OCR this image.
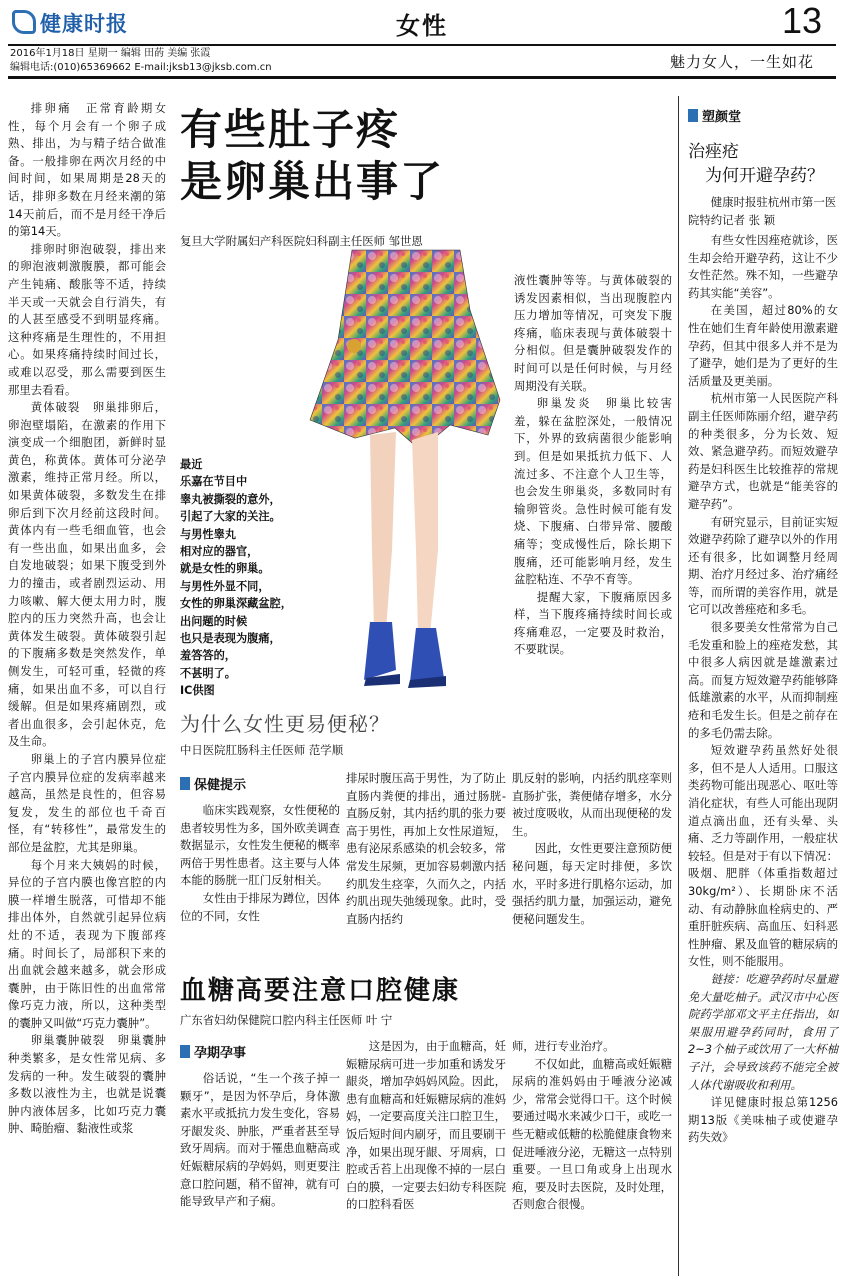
健康时报	女性	13
2016年1月18日 星期一 编辑 田菂 美编 张霞
编辑电话:(010)65369662 E-mail:jksb13@jksb.com.cn	魅力女人，一生如花
有些肚子疼
是卵巢出事了
复旦大学附属妇产科医院妇科副主任医师 邹世恩

排卵痛　正常育龄期女性，每个月会有一个卵子成熟、排出，为与精子结合做准备。一般排卵在两次月经的中间时间，如果周期是28天的话，排卵多数在月经来潮的第14天前后，而不是月经干净后的第14天。

排卵时卵泡破裂，排出来的卵泡液刺激腹膜，都可能会产生钝痛、酸胀等不适，持续半天或一天就会自行消失，有的人甚至感受不到明显疼痛。这种疼痛是生理性的，不用担心。如果疼痛持续时间过长，或难以忍受，那么需要到医生那里去看看。

黄体破裂　卵巢排卵后，卵泡壁塌陷，在激素的作用下演变成一个细胞团，新鲜时显黄色，称黄体。黄体可分泌孕激素，维持正常月经。所以，如果黄体破裂，多数发生在排卵后到下次月经前这段时间。黄体内有一些毛细血管，也会有一些出血，如果出血多，会自发地破裂；如果下腹受到外力的撞击，或者剧烈运动、用力咳嗽、解大便太用力时，腹腔内的压力突然升高，也会让黄体发生破裂。黄体破裂引起的下腹痛多数是突然发作，单侧发生，可轻可重，轻微的疼痛，如果出血不多，可以自行缓解。但是如果疼痛剧烈，或者出血很多，会引起休克，危及生命。

卵巢上的子宫内膜异位症　子宫内膜异位症的发病率越来越高，虽然是良性的，但容易复发，发生的部位也千奇百怪，有“转移性”，最常发生的部位是盆腔，尤其是卵巢。

每个月来大姨妈的时候，异位的子宫内膜也像宫腔的内膜一样增生脱落，可惜却不能排出体外，自然就引起异位病灶的不适，表现为下腹部疼痛。时间长了，局部积下来的出血就会越来越多，就会形成囊肿，由于陈旧性的出血常常像巧克力液，所以，这种类型的囊肿又叫做“巧克力囊肿”。

卵巢囊肿破裂　卵巢囊肿种类繁多，是女性常见病、多发病的一种。发生破裂的囊肿多数以液性为主，也就是说囊肿内液体居多，比如巧克力囊肿、畸胎瘤、黏液性或浆

最近
乐嘉在节目中
睾丸被撕裂的意外，
引起了大家的关注。
与男性睾丸
相对应的器官，
就是女性的卵巢。
与男性外显不同，
女性的卵巢深藏盆腔，
出问题的时候
也只是表现为腹痛，
羞答答的，
不甚明了。
IC供图

液性囊肿等等。与黄体破裂的诱发因素相似，当出现腹腔内压力增加等情况，可突发下腹疼痛，临床表现与黄体破裂十分相似。但是囊肿破裂发作的时间可以是任何时候，与月经周期没有关联。

卵巢发炎　卵巢比较害羞，躲在盆腔深处，一般情况下，外界的致病菌很少能影响到。但是如果抵抗力低下、人流过多、不注意个人卫生等，也会发生卵巢炎，多数同时有输卵管炎。急性时候可能有发烧、下腹痛、白带异常、腰酸痛等；变成慢性后，除长期下腹痛，还可能影响月经，发生盆腔粘连、不孕不育等。

提醒大家，下腹痛原因多样，当下腹疼痛持续时间长或疼痛难忍，一定要及时救治，不要耽误。

为什么女性更易便秘？
中日医院肛肠科主任医师 范学顺
保健提示

临床实践观察，女性便秘的患者较男性为多，国外欧美调查数据显示，女性发生便秘的概率两倍于男性患者。这主要与人体本能的肠胱一肛门反射相关。

女性由于排尿为蹲位，因体位的不同，女性

排尿时腹压高于男性，为了防止直肠内粪便的排出，通过肠胱-直肠反射，其内括约肌的张力要高于男性，再加上女性尿道短，患有泌尿系感染的机会较多，常常发生尿频，更加容易刺激内括约肌发生痉挛，久而久之，内括约肌出现失弛缓现象。此时，受直肠内括约

肌反射的影响，内括约肌痉挛则直肠扩张，粪便储存增多，水分被过度吸收，从而出现便秘的发生。

因此，女性更要注意预防便秘问题，每天定时排便，多饮水，平时多进行肌格尔运动，加强括约肌力量，加强运动，避免便秘问题发生。

血糖高要注意口腔健康
广东省妇幼保健院口腔内科主任医师 叶 宁
孕期孕事

俗话说，“生一个孩子掉一颗牙”，是因为怀孕后，身体激素水平或抵抗力发生变化，容易牙龈发炎、肿胀，严重者甚至导致牙周病。而对于罹患血糖高或妊娠糖尿病的孕妈妈，则更要注意口腔问题，稍不留神，就有可能导致早产和子痫。

这是因为，由于血糖高，妊娠糖尿病可进一步加重和诱发牙龈炎，增加孕妈妈风险。因此，患有血糖高和妊娠糖尿病的准妈妈，一定要高度关注口腔卫生，饭后短时间内刷牙，而且要刷干净，如果出现牙龈、牙周病，口腔或舌苔上出现像不掉的一层白白的膜，一定要去妇幼专科医院的口腔科看医

师，进行专业治疗。

不仅如此，血糖高或妊娠糖尿病的准妈妈由于唾液分泌减少，常常会觉得口干。这个时候要通过喝水来减少口干，或吃一些无糖或低糖的松脆健康食物来促进唾液分泌，无糖这一点特别重要。一旦口角或身上出现水疱，要及时去医院，及时处理，否则愈合很慢。

塑颜堂
治痤疮
为何开避孕药？
健康时报驻杭州市第一医院特约记者 张 颖

有些女性因痤疮就诊，医生却会给开避孕药，这让不少女性茫然。殊不知，一些避孕药其实能“美容”。

在美国，超过80%的女性在她们生育年龄使用激素避孕药，但其中很多人并不是为了避孕，她们是为了更好的生活质量及更美丽。

杭州市第一人民医院产科副主任医师陈丽介绍，避孕药的种类很多，分为长效、短效、紧急避孕药。而短效避孕药是妇科医生比较推荐的常规避孕方式，也就是“能美容的避孕药”。

有研究显示，目前证实短效避孕药除了避孕以外的作用还有很多，比如调整月经周期、治疗月经过多、治疗痛经等，而所谓的美容作用，就是它可以改善痤疮和多毛。

很多要美女性常常为自己毛发重和脸上的痤疮发愁，其中很多人病因就是雄激素过高。而复方短效避孕药能够降低雄激素的水平，从而抑制痤疮和毛发生长。但是之前存在的多毛仍需去除。

短效避孕药虽然好处很多，但不是人人适用。口服这类药物可能出现恶心、呕吐等消化症状，有些人可能出现阴道点滴出血，还有头晕、头痛、乏力等副作用，一般症状较轻。但是对于有以下情况：吸烟、肥胖（体重指数超过30kg/m²）、长期卧床不活动、有动静脉血栓病史的、严重肝脏疾病、高血压、妇科恶性肿瘤、累及血管的糖尿病的女性，则不能服用。

链接：吃避孕药时尽量避免大量吃柚子。武汉市中心医院药学部邓文平主任指出，如果服用避孕药同时，食用了2~3个柚子或饮用了一大杯柚子汁，会导致该药不能完全被人体代谢吸收和利用。

详见健康时报总第1256期13版《美味柚子或使避孕药失效》
